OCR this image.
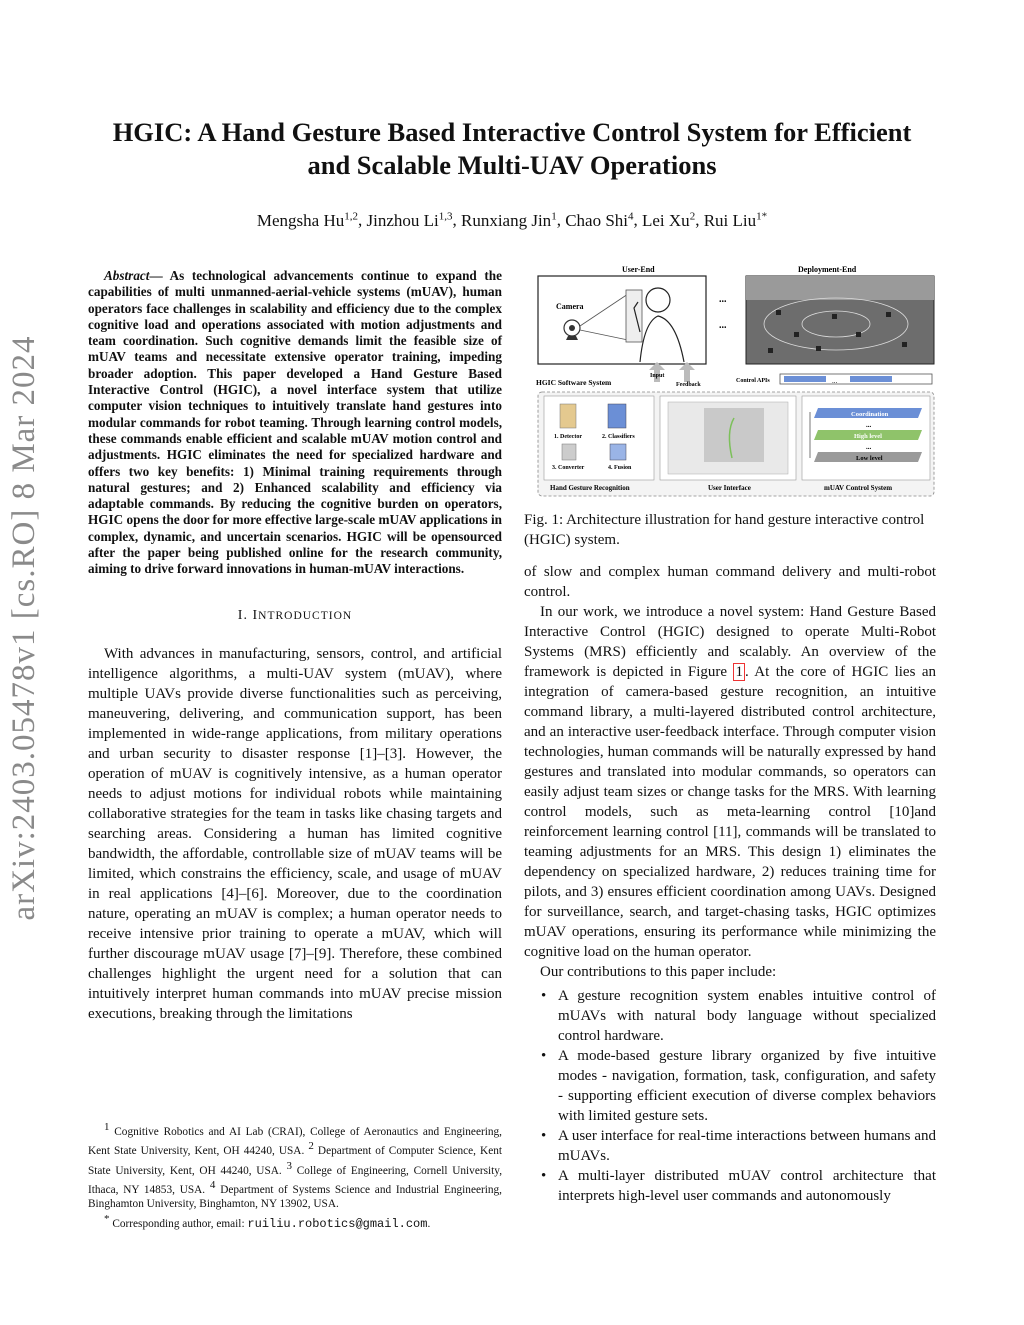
arXiv:2403.05478v1 [cs.RO] 8 Mar 2024
HGIC: A Hand Gesture Based Interactive Control System for Efficient
and Scalable Multi-UAV Operations
Mengsha Hu$^{1,2}$, Jinzhou Li$^{1,3}$, Runxiang Jin$^1$, Chao Shi$^4$, Lei Xu$^2$, Rui Liu$^{1*}$

Abstract— As technological advancements continue to expand the capabilities of multi unmanned-aerial-vehicle systems (mUAV), human operators face challenges in scalability and efficiency due to the complex cognitive load and operations associated with motion adjustments and team coordination. Such cognitive demands limit the feasible size of mUAV teams and necessitate extensive operator training, impeding broader adoption. This paper developed a Hand Gesture Based Interactive Control (HGIC), a novel interface system that utilize computer vision techniques to intuitively translate hand gestures into modular commands for robot teaming. Through learning control models, these commands enable efficient and scalable mUAV motion control and adjustments. HGIC eliminates the need for specialized hardware and offers two key benefits: 1) Minimal training requirements through natural gestures; and 2) Enhanced scalability and efficiency via adaptable commands. By reducing the cognitive burden on operators, HGIC opens the door for more effective large-scale mUAV applications in complex, dynamic, and uncertain scenarios. HGIC will be opensourced after the paper being published online for the research community, aiming to drive forward innovations in human-mUAV interactions.

I. INTRODUCTION

With advances in manufacturing, sensors, control, and artificial intelligence algorithms, a multi-UAV system (mUAV), where multiple UAVs provide diverse functionalities such as perceiving, maneuvering, delivering, and communication support, has been implemented in wide-range applications, from military operations and urban security to disaster response [1]–[3]. However, the operation of mUAV is cognitively intensive, as a human operator needs to adjust motions for individual robots while maintaining collaborative strategies for the team in tasks like chasing targets and searching areas. Considering a human has limited cognitive bandwidth, the affordable, controllable size of mUAV teams will be limited, which constrains the efficiency, scale, and usage of mUAV in real applications [4]–[6]. Moreover, due to the coordination nature, operating an mUAV is complex; a human operator needs to receive intensive prior training to operate a mUAV, which will further discourage mUAV usage [7]–[9]. Therefore, these combined challenges highlight the urgent need for a solution that can intuitively interpret human commands into mUAV precise mission executions, breaking through the limitations

$^1$ Cognitive Robotics and AI Lab (CRAI), College of Aeronautics and Engineering, Kent State University, Kent, OH 44240, USA. $^2$ Department of Computer Science, Kent State University, Kent, OH 44240, USA. $^3$ College of Engineering, Cornell University, Ithaca, NY 14853, USA. $^4$ Department of Systems Science and Industrial Engineering, Binghamton University, Binghamton, NY 13902, USA.

* Corresponding author, email: ruiliu.robotics@gmail.com.

User-End
Camera
...
...
Deployment-End
Input
Feedback
HGIC Software System	Control APIs	...
1. Detector	2. Classifiers
3. Converter	4. Fusion
Coordination
...
High level
...
Low level
Hand Gesture Recognition	User Interface	mUAV Control System
Fig. 1: Architecture illustration for hand gesture interactive control (HGIC) system.

of slow and complex human command delivery and multi-robot control.

In our work, we introduce a novel system: Hand Gesture Based Interactive Control (HGIC) designed to operate Multi-Robot Systems (MRS) efficiently and scalably. An overview of the framework is depicted in Figure 1 . At the core of HGIC lies an integration of camera-based gesture recognition, an intuitive command library, a multi-layered distributed control architecture, and an interactive user-feedback interface. Through computer vision technologies, human commands will be naturally expressed by hand gestures and translated into modular commands, so operators can easily adjust team sizes or change tasks for the MRS. With learning control models, such as meta-learning control [10]and reinforcement learning control [11], commands will be translated to teaming adjustments for an MRS. This design 1) eliminates the dependency on specialized hardware, 2) reduces training time for pilots, and 3) ensures efficient coordination among UAVs. Designed for surveillance, search, and target-chasing tasks, HGIC optimizes mUAV operations, ensuring its performance while minimizing the cognitive load on the human operator.

Our contributions to this paper include:

• A gesture recognition system enables intuitive control of mUAVs with natural body language without specialized control hardware.
• A mode-based gesture library organized by five intuitive modes - navigation, formation, task, configuration, and safety - supporting efficient execution of diverse complex behaviors with limited gesture sets.
• A user interface for real-time interactions between humans and mUAVs.
• A multi-layer distributed mUAV control architecture that interprets high-level user commands and autonomously
